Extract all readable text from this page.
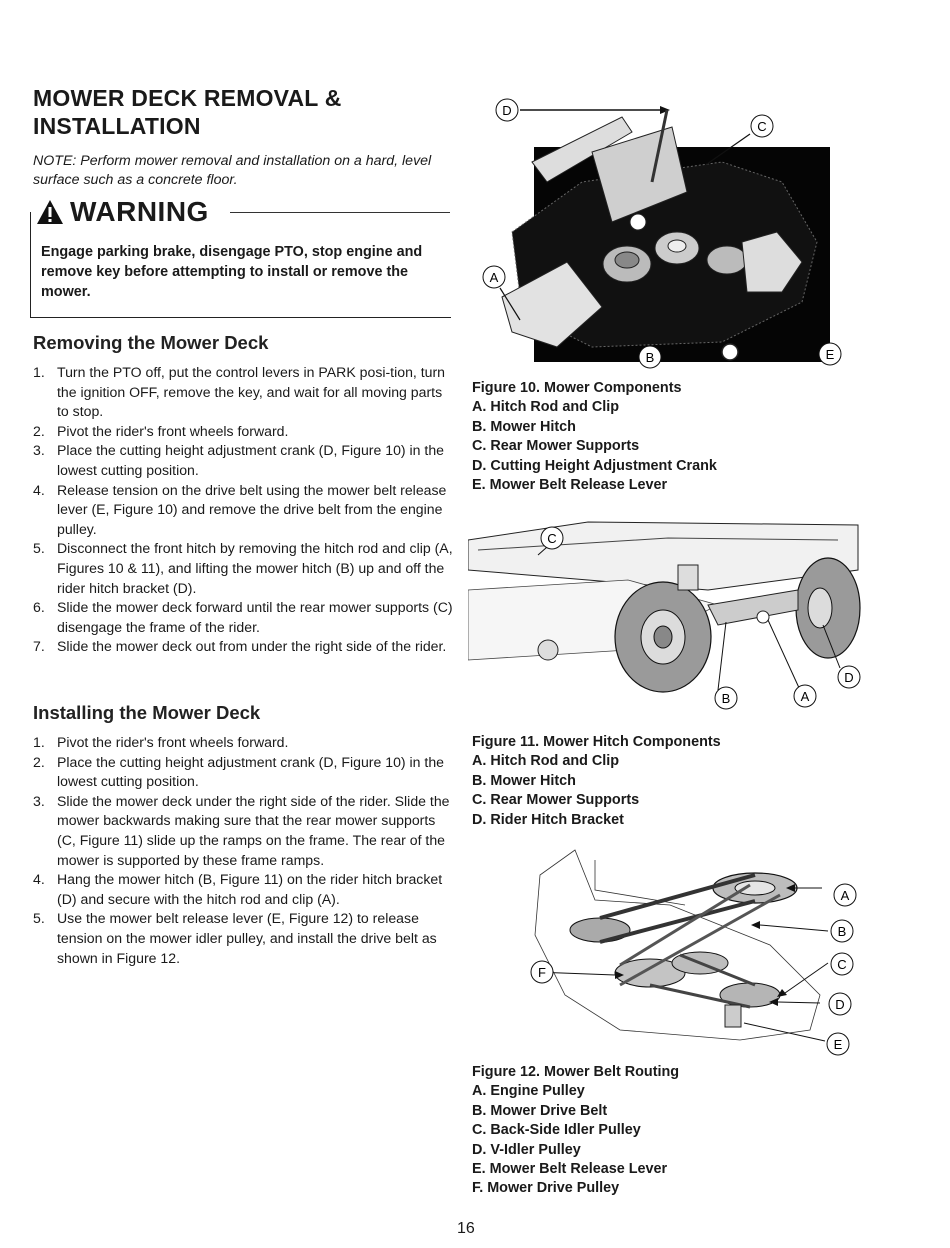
MOWER DECK REMOVAL &
INSTALLATION
NOTE: Perform mower removal and installation on a hard, level surface such as a concrete floor.
WARNING
Engage parking brake, disengage PTO, stop engine and remove key before attempting to install or remove the mower.
Removing the Mower Deck
1. Turn the PTO off, put the control levers in PARK posi-tion, turn the ignition OFF, remove the key, and wait for all moving parts to stop.
2. Pivot the rider's front wheels forward.
3. Place the cutting height adjustment crank (D, Figure 10) in the lowest cutting position.
4. Release tension on the drive belt using the mower belt release lever (E, Figure 10) and remove the drive belt from the engine pulley.
5. Disconnect the front hitch by removing the hitch rod and clip (A, Figures 10 & 11), and lifting the mower hitch (B) up and off the rider hitch bracket (D).
6. Slide the mower deck forward until the rear mower supports (C) disengage the frame of the rider.
7. Slide the mower deck out from under the right side of the rider.
Installing the Mower Deck
1. Pivot the rider's front wheels forward.
2. Place the cutting height adjustment crank (D, Figure 10) in the lowest cutting position.
3. Slide the mower deck under the right side of the rider. Slide the mower backwards making sure that the rear mower supports (C, Figure 11) slide up the ramps on the frame. The rear of the mower is supported by these frame ramps.
4. Hang the mower hitch (B, Figure 11) on the rider hitch bracket (D) and secure with the hitch rod and clip (A).
5. Use the mower belt release lever (E, Figure 12) to release tension on the mower idler pulley, and install the drive belt as shown in Figure 12.
D
C
A
B	E
Figure 10. Mower Components
A. Hitch Rod and Clip
B. Mower Hitch
C. Rear Mower Supports
D. Cutting Height Adjustment Crank
E. Mower Belt Release Lever
C
D
B	A
Figure 11. Mower Hitch Components
A. Hitch Rod and Clip
B. Mower Hitch
C. Rear Mower Supports
D. Rider Hitch Bracket
A
B
C
D
E
F
Figure 12. Mower Belt Routing
A. Engine Pulley
B. Mower Drive Belt
C. Back-Side Idler Pulley
D. V-Idler Pulley
E. Mower Belt Release Lever
F. Mower Drive Pulley
16
